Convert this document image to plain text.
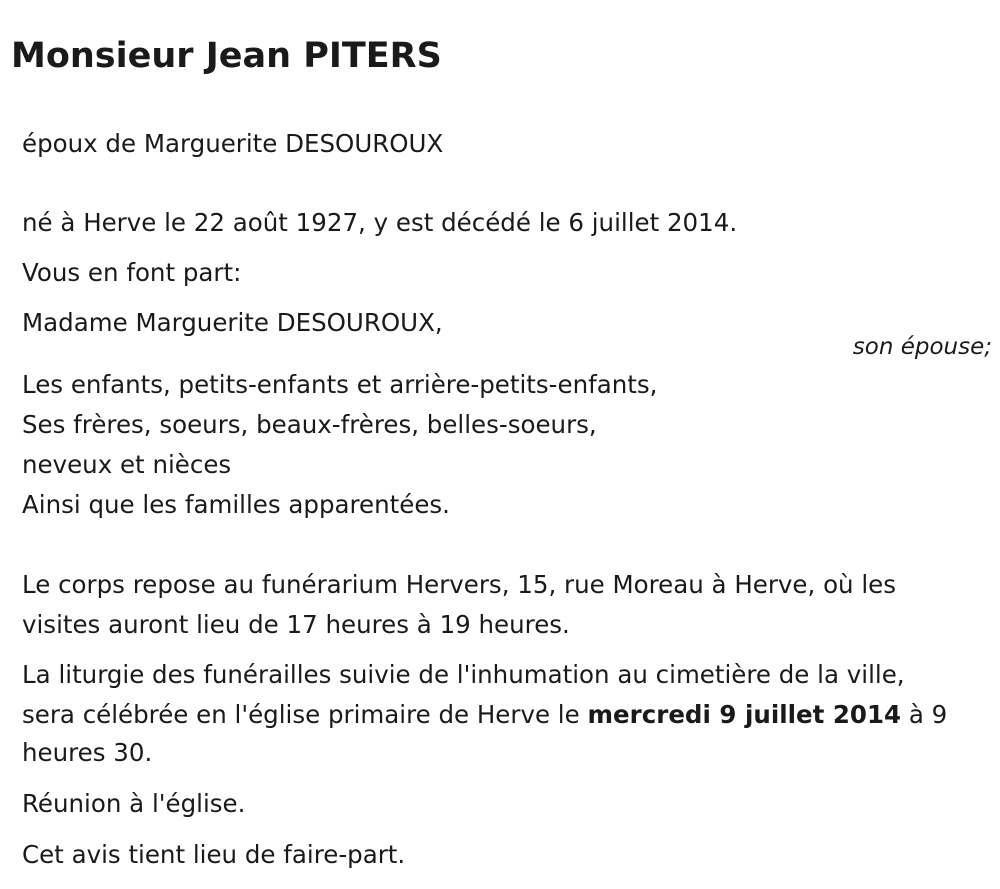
Monsieur Jean PITERS

époux de Marguerite DESOUROUX

né à Herve le 22 août 1927, y est décédé le 6 juillet 2014.

Vous en font part:

Madame Marguerite DESOUROUX,

son épouse;

Les enfants, petits-enfants et arrière-petits-enfants,

Ses frères, soeurs, beaux-frères, belles-soeurs,

neveux et nièces

Ainsi que les familles apparentées.

Le corps repose au funérarium Hervers, 15, rue Moreau à Herve, où les

visites auront lieu de 17 heures à 19 heures.

La liturgie des funérailles suivie de l'inhumation au cimetière de la ville,

sera célébrée en l'église primaire de Herve le mercredi 9 juillet 2014 à 9

heures 30.

Réunion à l'église.

Cet avis tient lieu de faire-part.
